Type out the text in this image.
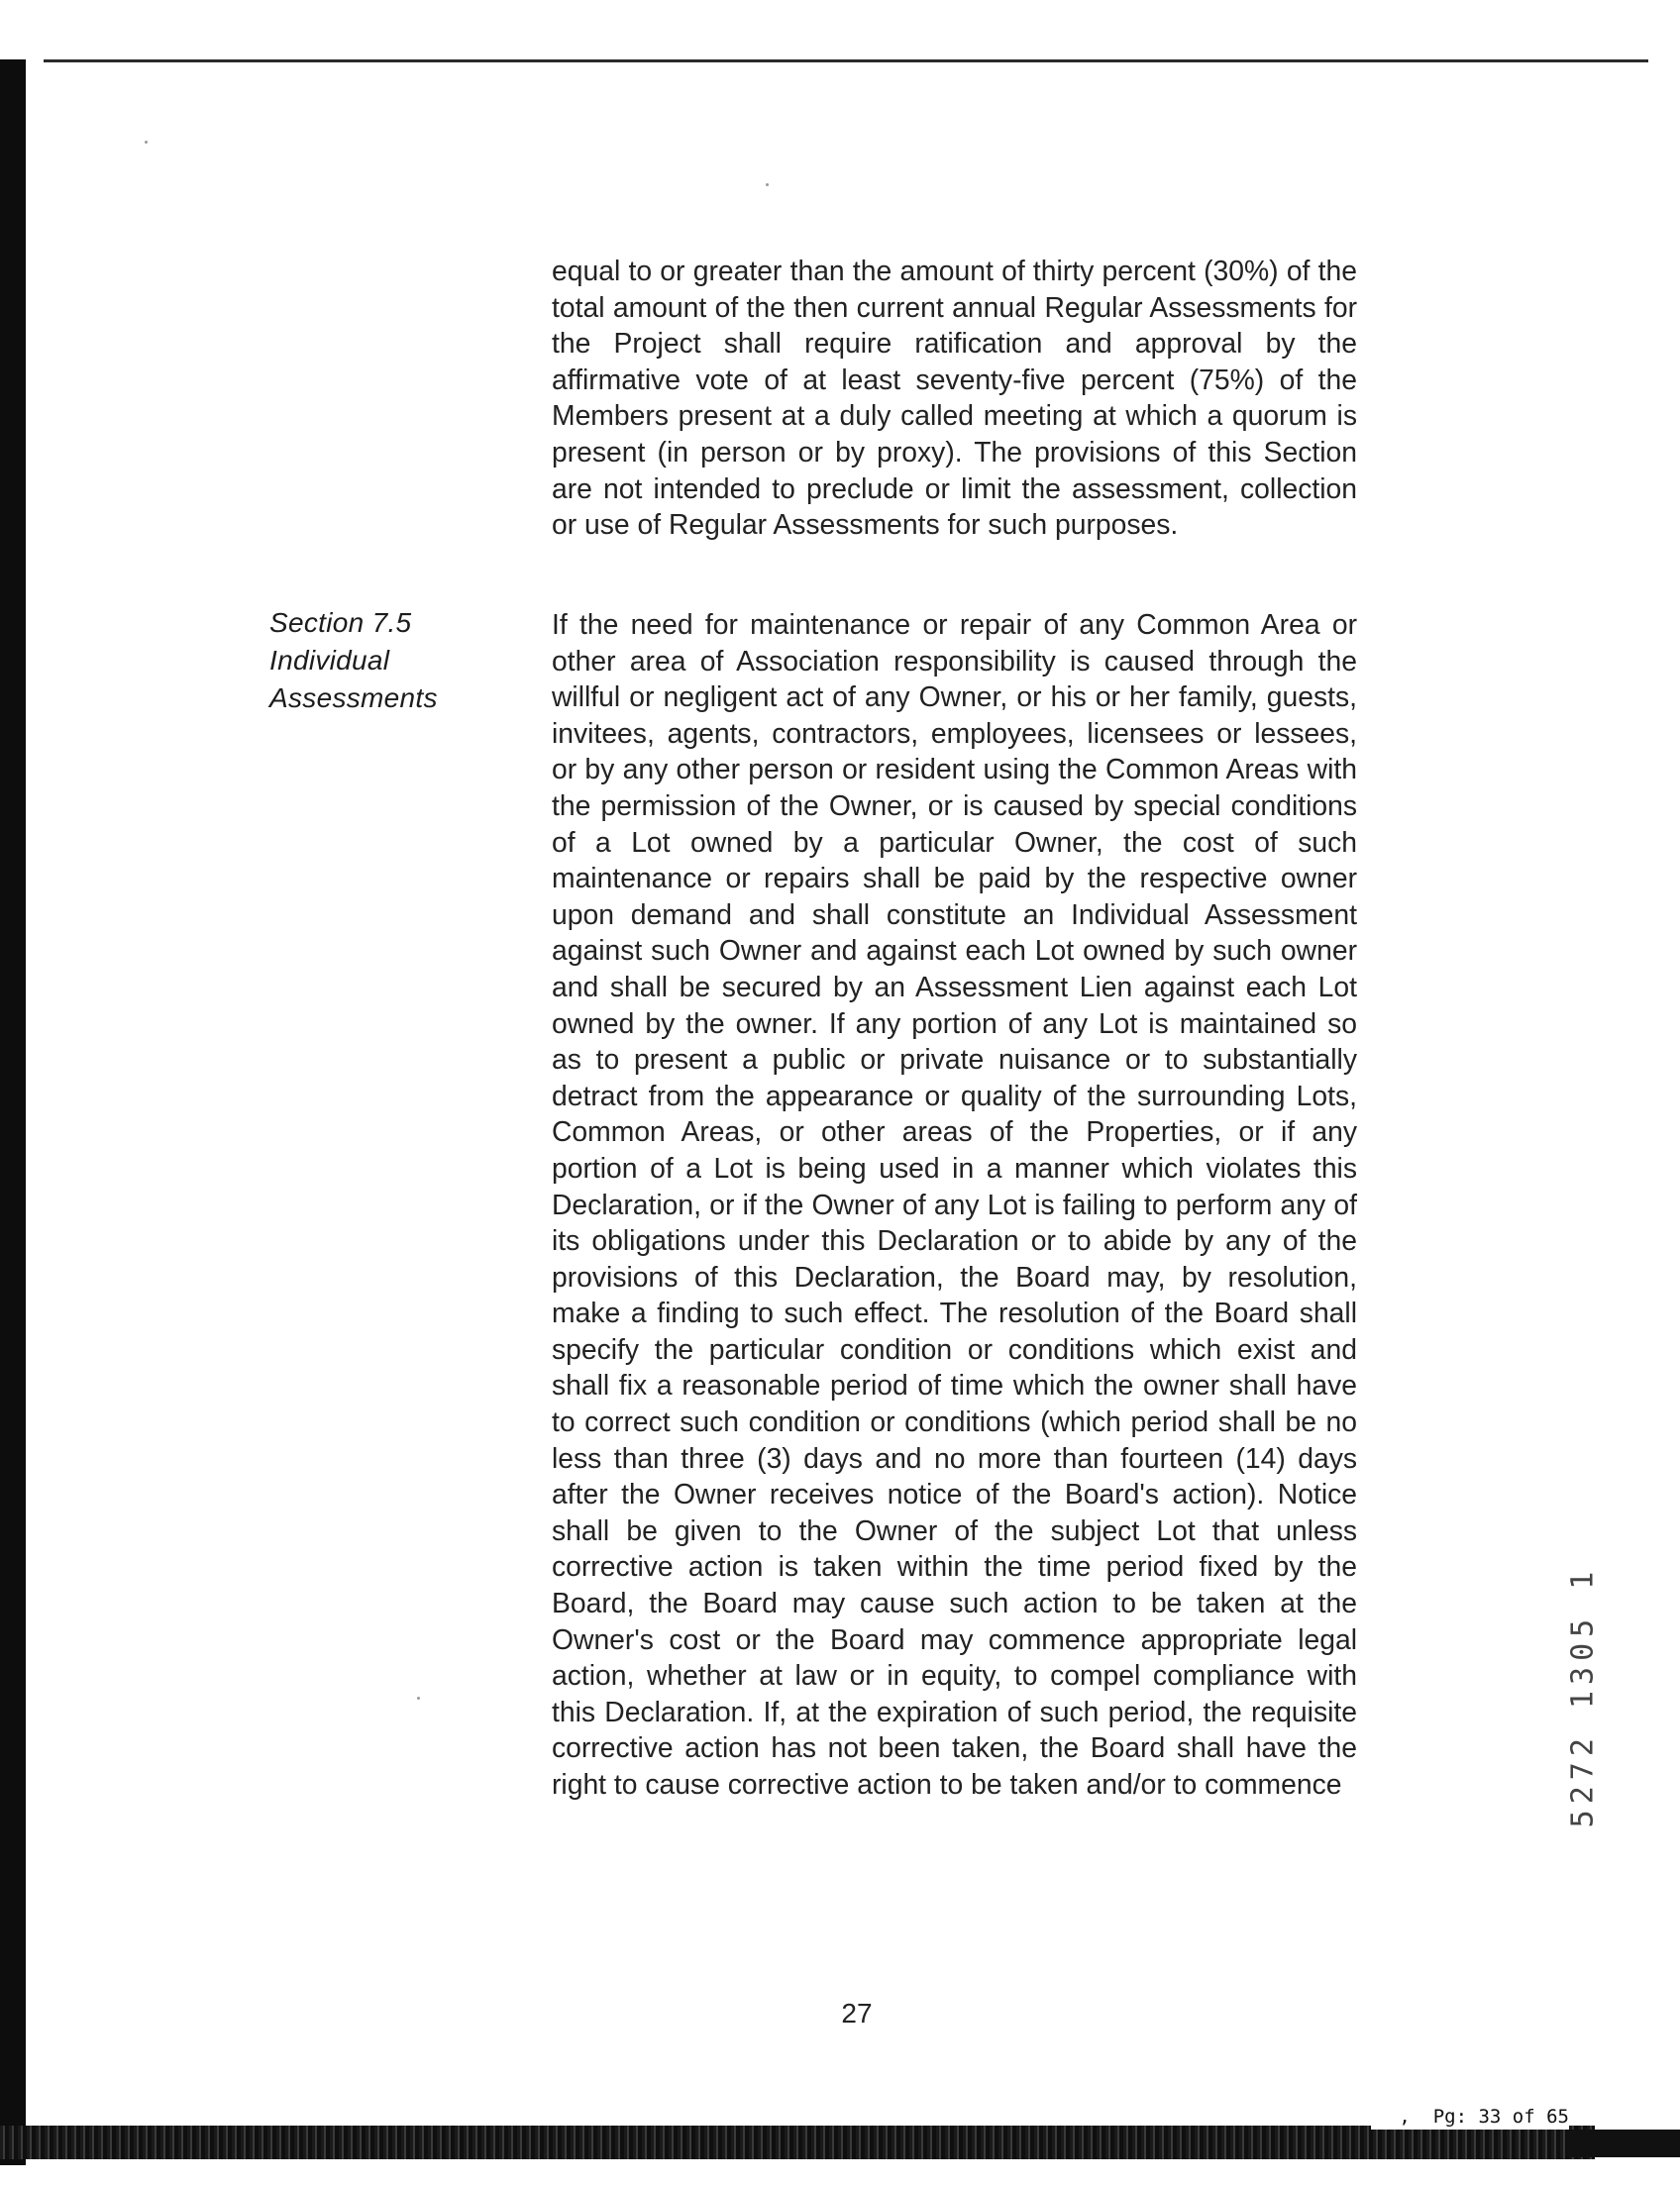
equal to or greater than the amount of thirty percent (30%) of the total amount of the then current annual Regular Assessments for the Project shall require ratification and approval by the affirmative vote of at least seventy-five percent (75%) of the Members present at a duly called meeting at which a quorum is present (in person or by proxy). The provisions of this Section are not intended to preclude or limit the assessment, collection or use of Regular Assessments for such purposes.
Section 7.5
Individual
Assessments
If the need for maintenance or repair of any Common Area or other area of Association responsibility is caused through the willful or negligent act of any Owner, or his or her family, guests, invitees, agents, contractors, employees, licensees or lessees, or by any other person or resident using the Common Areas with the permission of the Owner, or is caused by special conditions of a Lot owned by a particular Owner, the cost of such maintenance or repairs shall be paid by the respective owner upon demand and shall constitute an Individual Assessment against such Owner and against each Lot owned by such owner and shall be secured by an Assessment Lien against each Lot owned by the owner. If any portion of any Lot is maintained so as to present a public or private nuisance or to substantially detract from the appearance or quality of the surrounding Lots, Common Areas, or other areas of the Properties, or if any portion of a Lot is being used in a manner which violates this Declaration, or if the Owner of any Lot is failing to perform any of its obligations under this Declaration or to abide by any of the provisions of this Declaration, the Board may, by resolution, make a finding to such effect. The resolution of the Board shall specify the particular condition or conditions which exist and shall fix a reasonable period of time which the owner shall have to correct such condition or conditions (which period shall be no less than three (3) days and no more than fourteen (14) days after the Owner receives notice of the Board's action). Notice shall be given to the Owner of the subject Lot that unless corrective action is taken within the time period fixed by the Board, the Board may cause such action to be taken at the Owner's cost or the Board may commence appropriate legal action, whether at law or in equity, to compel compliance with this Declaration. If, at the expiration of such period, the requisite corrective action has not been taken, the Board shall have the right to cause corrective action to be taken and/or to commence
27
5272 1305 1
,  Pg: 33 of 65
